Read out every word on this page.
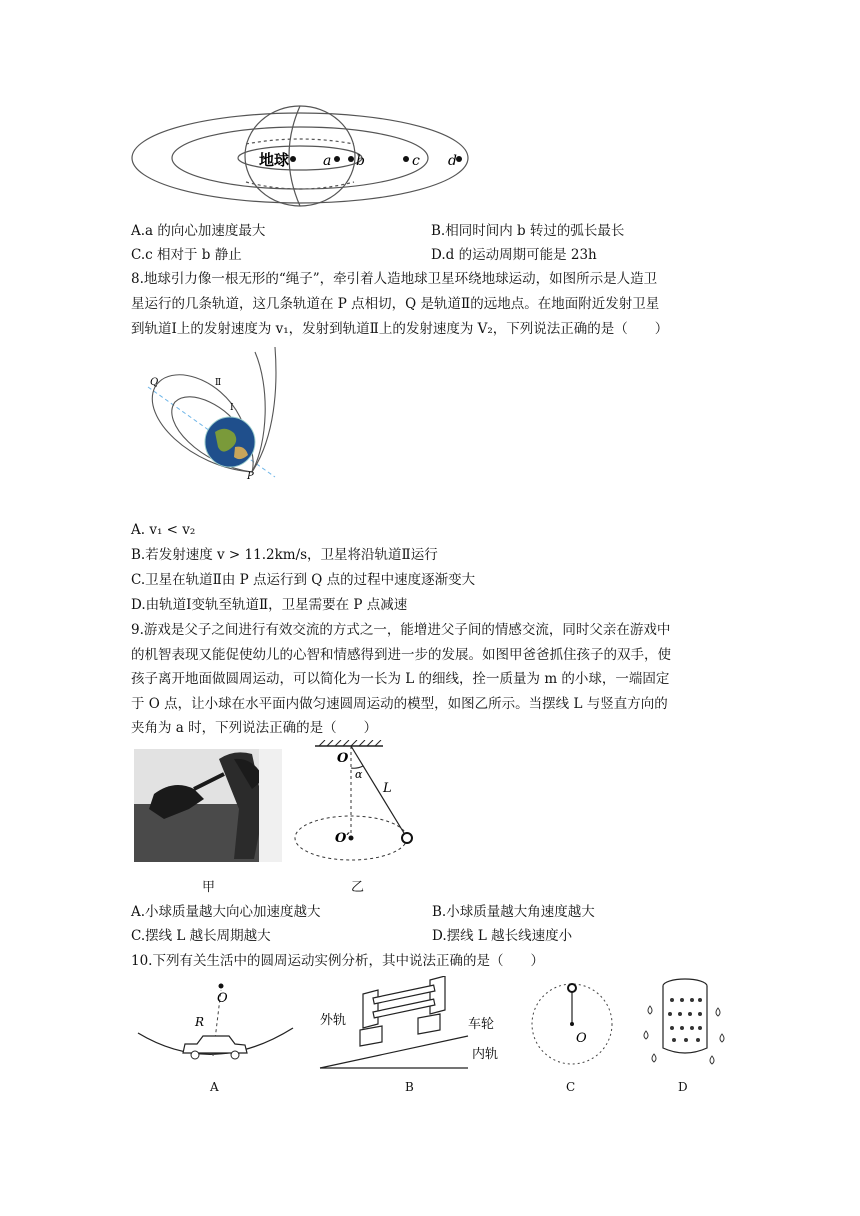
地球 a b	c d
A.a 的向心加速度最大	B.相同时间内 b 转过的弧长最长
C.c 相对于 b 静止	D.d 的运动周期可能是 23h
8.地球引力像一根无形的“绳子”，牵引着人造地球卫星环绕地球运动，如图所示是人造卫
星运行的几条轨道，这几条轨道在 P 点相切，Q 是轨道Ⅱ的远地点。在地面附近发射卫星
到轨道Ⅰ上的发射速度为 v₁，发射到轨道Ⅱ上的发射速度为 V₂，下列说法正确的是（　　）
Q	Ⅱ
Ⅰ
P
A. v₁ < v₂
B.若发射速度 v > 11.2km/s，卫星将沿轨道Ⅱ运行
C.卫星在轨道Ⅱ由 P 点运行到 Q 点的过程中速度逐渐变大
D.由轨道Ⅰ变轨至轨道Ⅱ，卫星需要在 P 点减速
9.游戏是父子之间进行有效交流的方式之一，能增进父子间的情感交流，同时父亲在游戏中
的机智表现又能促使幼儿的心智和情感得到进一步的发展。如图甲爸爸抓住孩子的双手，使
孩子离开地面做圆周运动，可以简化为一长为 L 的细线，拴一质量为 m 的小球，一端固定
于 O 点，让小球在水平面内做匀速圆周运动的模型，如图乙所示。当摆线 L 与竖直方向的
夹角为 a 时，下列说法正确的是（　　）
甲
O
α
L
O′
乙
A.小球质量越大向心加速度越大	B.小球质量越大角速度越大
C.摆线 L 越长周期越大	D.摆线 L 越长线速度小
10.下列有关生活中的圆周运动实例分析，其中说法正确的是（　　）
O
R
A
外轨	车轮
内轨
B
O
C	D
